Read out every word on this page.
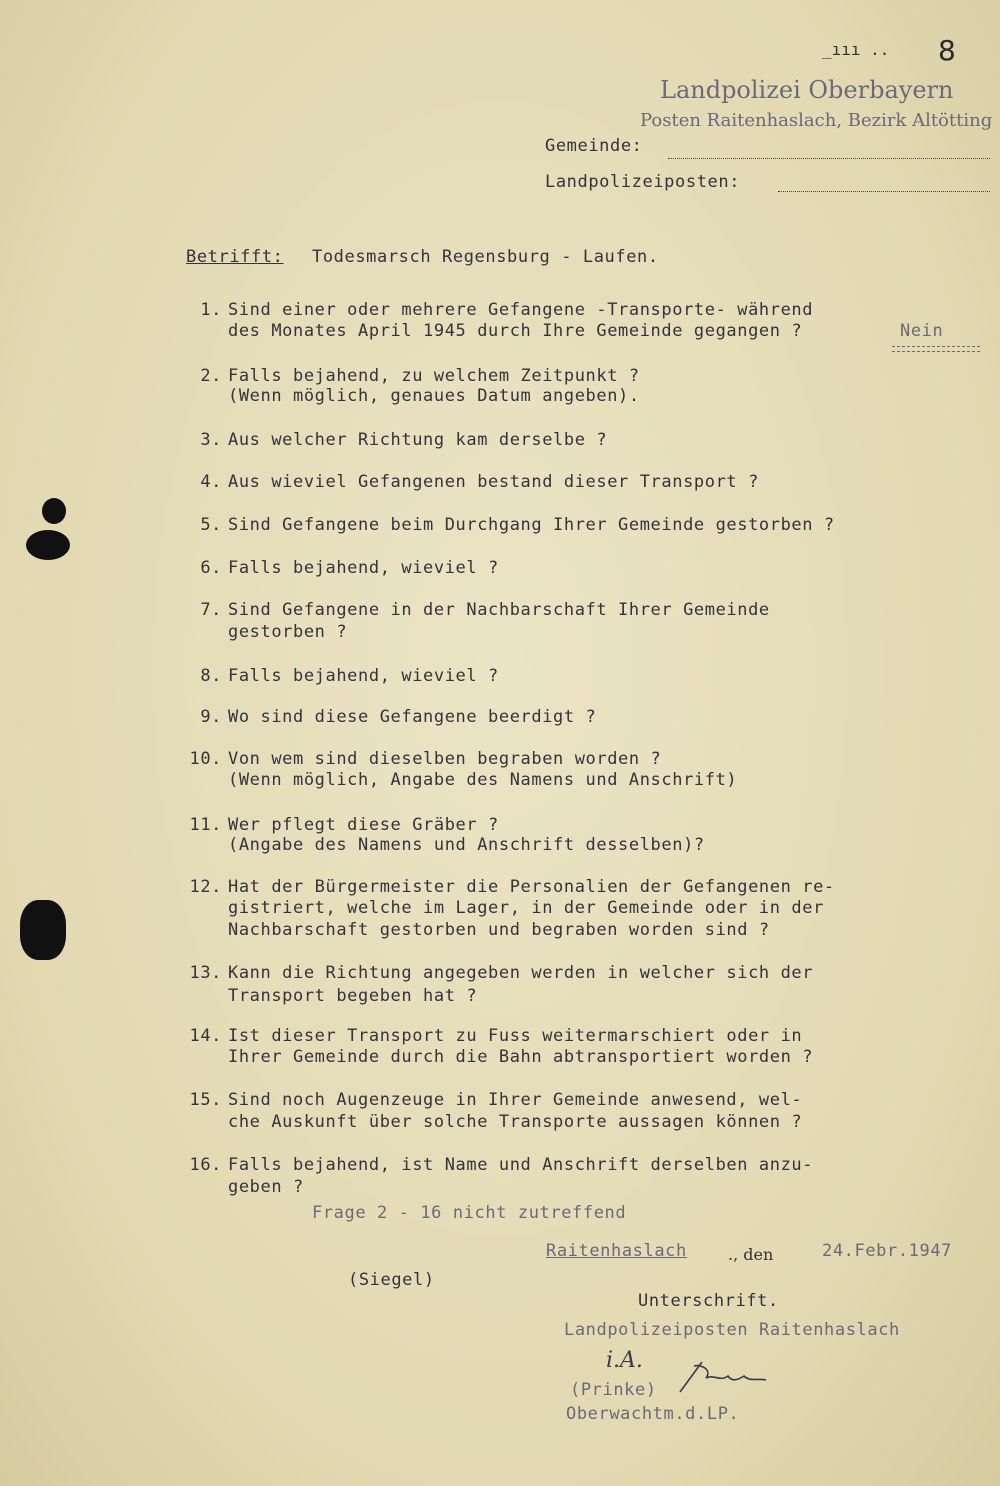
_ııı .. 8
Landpolizei Oberbayern
Posten Raitenhaslach, Bezirk Altötting
Gemeinde:
Landpolizeiposten:
Betrifft: Todesmarsch Regensburg - Laufen.
1. Sind einer oder mehrere Gefangene -Transporte- während
des Monates April 1945 durch Ihre Gemeinde gegangen ?	Nein
2. Falls bejahend, zu welchem Zeitpunkt ?
(Wenn möglich, genaues Datum angeben).
3. Aus welcher Richtung kam derselbe ?
4. Aus wieviel Gefangenen bestand dieser Transport ?
5. Sind Gefangene beim Durchgang Ihrer Gemeinde gestorben ?
6. Falls bejahend, wieviel ?
7. Sind Gefangene in der Nachbarschaft Ihrer Gemeinde
gestorben ?
8. Falls bejahend, wieviel ?
9. Wo sind diese Gefangene beerdigt ?
10. Von wem sind dieselben begraben worden ?
(Wenn möglich, Angabe des Namens und Anschrift)
11. Wer pflegt diese Gräber ?
(Angabe des Namens und Anschrift desselben)?
12. Hat der Bürgermeister die Personalien der Gefangenen re-
gistriert, welche im Lager, in der Gemeinde oder in der
Nachbarschaft gestorben und begraben worden sind ?
13. Kann die Richtung angegeben werden in welcher sich der
Transport begeben hat ?
14. Ist dieser Transport zu Fuss weitermarschiert oder in
Ihrer Gemeinde durch die Bahn abtransportiert worden ?
15. Sind noch Augenzeuge in Ihrer Gemeinde anwesend, wel-
che Auskunft über solche Transporte aussagen können ?
16. Falls bejahend, ist Name und Anschrift derselben anzu-
geben ?
Frage 2 - 16 nicht zutreffend
Raitenhaslach	., den	24.Febr.1947
(Siegel)
Unterschrift.
Landpolizeiposten Raitenhaslach
i.A.
(Prinke)
Oberwachtm.d.LP.
